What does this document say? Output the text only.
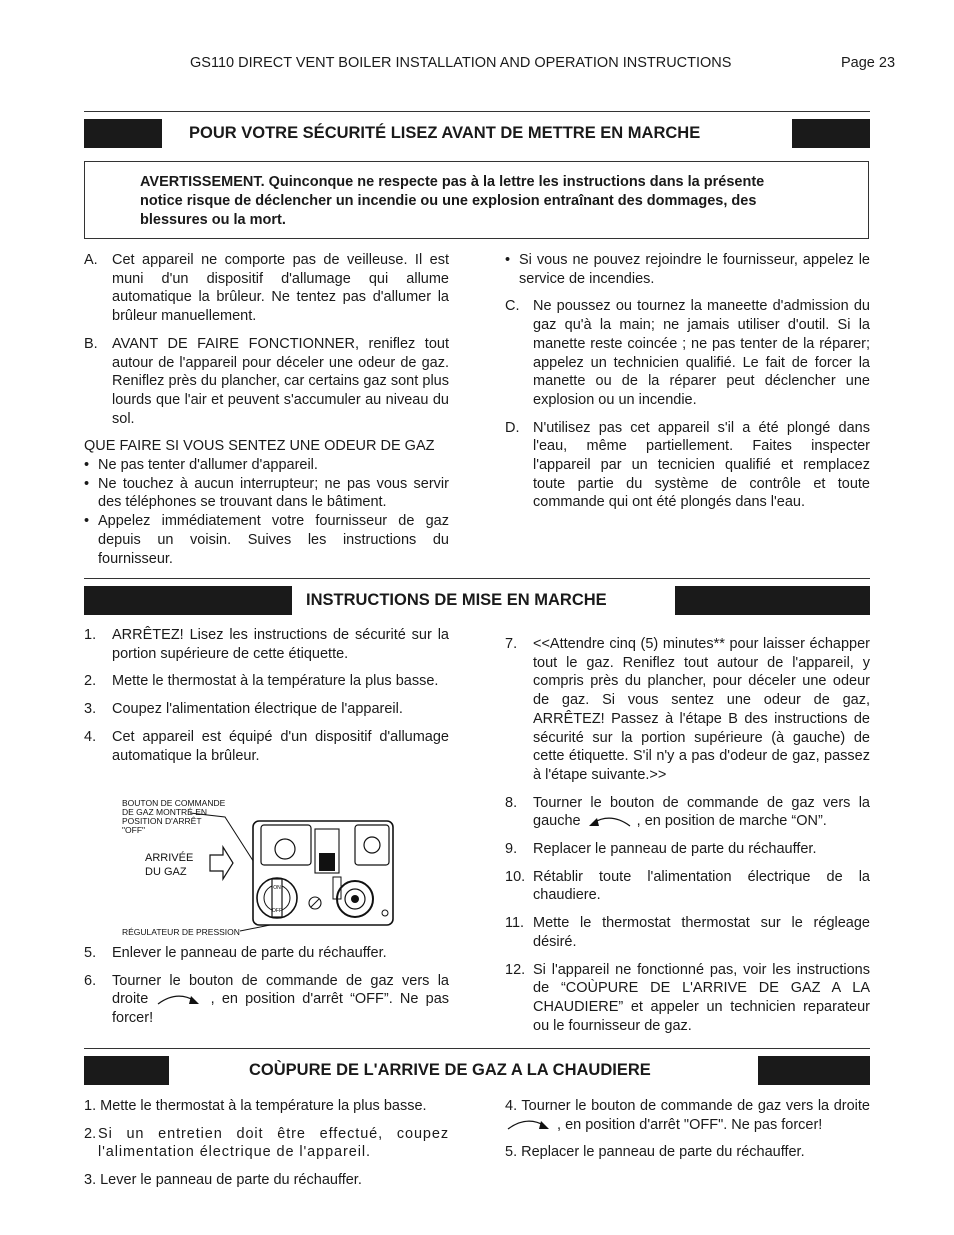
GS110 DIRECT VENT BOILER INSTALLATION AND OPERATION INSTRUCTIONS	Page 23
POUR VOTRE SÉCURITÉ LISEZ AVANT DE METTRE EN MARCHE
AVERTISSEMENT. Quinconque ne respecte pas à la lettre les instructions dans la présente notice risque de déclencher un incendie ou une explosion entraînant des dommages, des blessures ou la mort.
A. Cet appareil ne comporte pas de veilleuse. Il est muni d'un dispositif d'allumage qui allume automatique la brûleur. Ne tentez pas d'allumer la brûleur manuellement.
B. AVANT DE FAIRE FONCTIONNER, reniflez tout autour de l'appareil pour déceler une odeur de gaz. Reniflez près du plancher, car certains gaz sont plus lourds que l'air et peuvent s'accumuler au niveau du sol.
QUE FAIRE SI VOUS SENTEZ UNE ODEUR DE GAZ
• Ne pas tenter d'allumer d'appareil.
• Ne touchez à aucun interrupteur; ne pas vous servir des téléphones se trouvant dans le bâtiment.
• Appelez immédiatement votre fournisseur de gaz depuis un voisin. Suives les instructions du fournisseur.
• Si vous ne pouvez rejoindre le fournisseur, appelez le service de incendies.
C. Ne poussez ou tournez la maneette d'admission du gaz qu'à la main; ne jamais utiliser d'outil. Si la manette reste coincée ; ne pas tenter de la réparer; appelez un technicien qualifié. Le fait de forcer la manette ou de la réparer peut déclencher une explosion ou un incendie.
D. N'utilisez pas cet appareil s'il a été plongé dans l'eau, même partiellement. Faites inspecter l'appareil par un tecnicien qualifié et remplacez toute partie du système de contrôle et toute commande qui ont été plongés dans l'eau.
INSTRUCTIONS DE MISE EN MARCHE
1. ARRÊTEZ! Lisez les instructions de sécurité sur la portion supérieure de cette étiquette.
2. Mette le thermostat à la température la plus basse.
3. Coupez l'alimentation électrique de l'appareil.
4. Cet appareil est équipé d'un dispositif d'allumage automatique la brûleur.
BOUTON DE COMMANDE
DE GAZ MONTRÉ EN
POSITION D'ARRÊT
"OFF"
ARRIVÉE
DU GAZ
RÉGULATEUR DE PRESSION
ON
OFF
5. Enlever le panneau de parte du réchauffer.
6. Tourner le bouton de commande de gaz vers la droite	, en position d'arrêt “OFF”. Ne pas forcer!
7. <<Attendre cinq (5) minutes** pour laisser échapper tout le gaz. Reniflez tout autour de l'appareil, y compris près du plancher, pour déceler une odeur de gaz. Si vous sentez une odeur de gaz, ARRÊTEZ! Passez à l'étape B des instructions de sécurité sur la portion supérieure (à gauche) de cette étiquette. S'il n'y a pas d'odeur de gaz, passez à l'étape suivante.>>
8. Tourner le bouton de commande de gaz vers la gauche	, en position de marche “ON”.
9. Replacer le panneau de parte du réchauffer.
10. Rétablir toute l'alimentation électrique de la chaudiere.
11. Mette le thermostat thermostat sur le régleage désiré.
12. Si l'appareil ne fonctionné pas, voir les instructions de “COÙPURE DE L'ARRIVE DE GAZ A LA CHAUDIERE” et appeler un technicien reparateur ou le fournisseur de gaz.
COÙPURE DE L'ARRIVE DE GAZ A LA CHAUDIERE
1. Mette le thermostat à la température la plus basse.
2. Si un entretien doit être effectué, coupez l'alimentation électrique de l'appareil.
3. Lever le panneau de parte du réchauffer.
4. Tourner le bouton de commande de gaz vers la droite  , en position d'arrêt "OFF". Ne pas forcer!
5. Replacer le panneau de parte du réchauffer.
